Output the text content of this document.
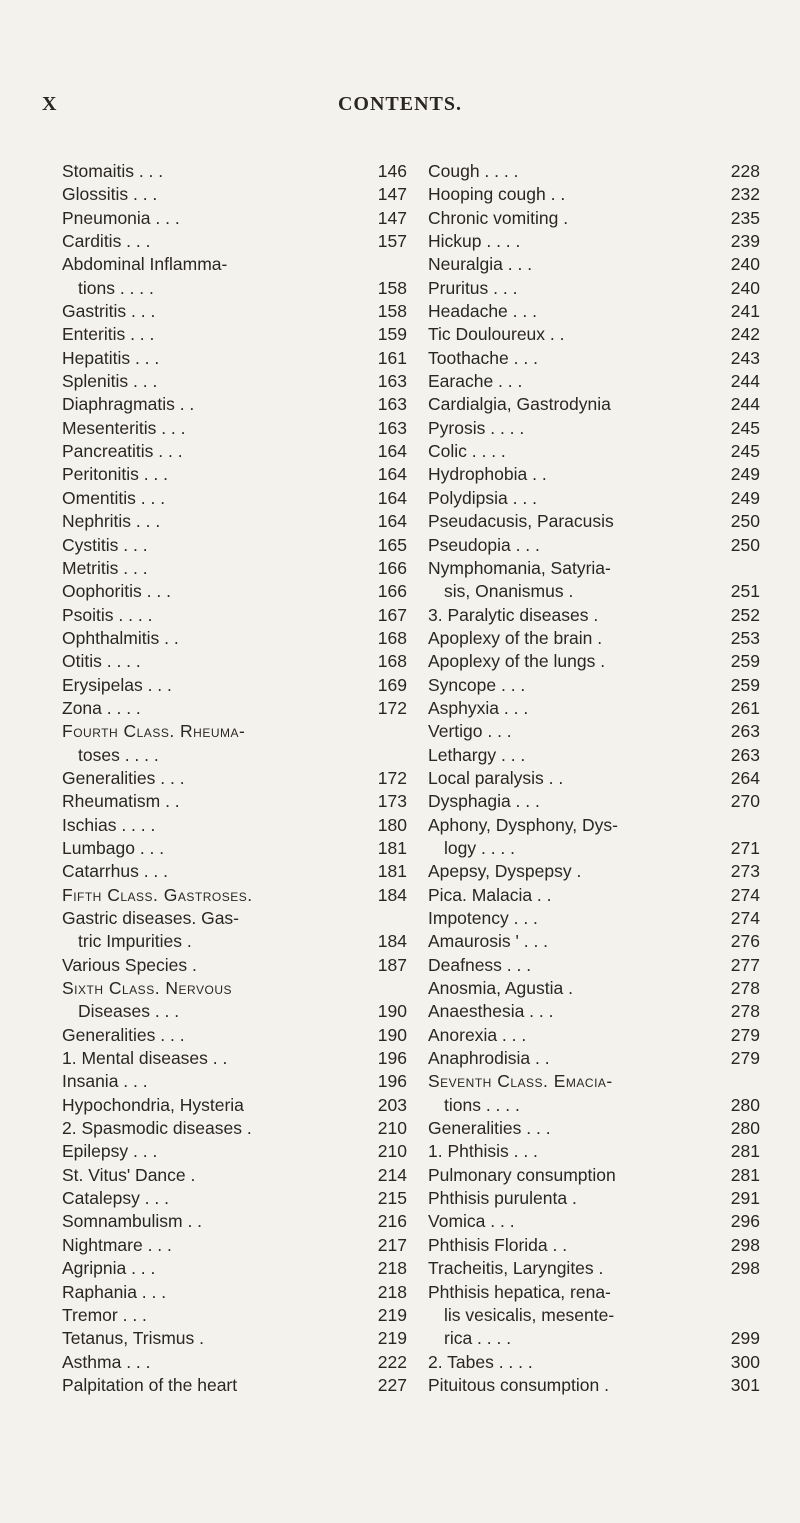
X	CONTENTS.
Stomaitis . . .	146
Glossitis . . .	147
Pneumonia . . .	147
Carditis . . .	157
Abdominal Inflamma-
tions . . . .	158
Gastritis . . .	158
Enteritis . . .	159
Hepatitis . . .	161
Splenitis . . .	163
Diaphragmatis . .	163
Mesenteritis . . .	163
Pancreatitis . . .	164
Peritonitis . . .	164
Omentitis . . .	164
Nephritis . . .	164
Cystitis . . .	165
Metritis . . .	166
Oophoritis . . .	166
Psoitis . . . .	167
Ophthalmitis . .	168
Otitis . . . .	168
Erysipelas . . .	169
Zona . . . .	172
Fourth Class. Rheuma-
toses . . . .
Generalities . . .	172
Rheumatism . .	173
Ischias . . . .	180
Lumbago . . .	181
Catarrhus . . .	181
Fifth Class. Gastroses.	184
Gastric diseases. Gas-
tric Impurities .	184
Various Species .	187
Sixth Class. Nervous
Diseases . . .	190
Generalities . . .	190
1. Mental diseases . .	196
Insania . . .	196
Hypochondria, Hysteria	203
2. Spasmodic diseases .	210
Epilepsy . . .	210
St. Vitus' Dance .	214
Catalepsy . . .	215
Somnambulism . .	216
Nightmare . . .	217
Agripnia . . .	218
Raphania . . .	218
Tremor . . .	219
Tetanus, Trismus .	219
Asthma . . .	222
Palpitation of the heart	227
Cough . . . .	228
Hooping cough . .	232
Chronic vomiting .	235
Hickup . . . .	239
Neuralgia . . .	240
Pruritus . . .	240
Headache . . .	241
Tic Douloureux . .	242
Toothache . . .	243
Earache . . .	244
Cardialgia, Gastrodynia	244
Pyrosis . . . .	245
Colic . . . .	245
Hydrophobia . .	249
Polydipsia . . .	249
Pseudacusis, Paracusis	250
Pseudopia . . .	250
Nymphomania, Satyria-
sis, Onanismus .	251
3. Paralytic diseases .	252
Apoplexy of the brain .	253
Apoplexy of the lungs .	259
Syncope . . .	259
Asphyxia . . .	261
Vertigo . . .	263
Lethargy . . .	263
Local paralysis . .	264
Dysphagia . . .	270
Aphony, Dysphony, Dys-
logy . . . .	271
Apepsy, Dyspepsy .	273
Pica. Malacia . .	274
Impotency . . .	274
Amaurosis ' . . .	276
Deafness . . .	277
Anosmia, Agustia .	278
Anaesthesia . . .	278
Anorexia . . .	279
Anaphrodisia . .	279
Seventh Class. Emacia-
tions . . . .	280
Generalities . . .	280
1. Phthisis . . .	281
Pulmonary consumption	281
Phthisis purulenta .	291
Vomica . . .	296
Phthisis Florida . .	298
Tracheitis, Laryngites .	298
Phthisis hepatica, rena-
lis vesicalis, mesente-
rica . . . .	299
2. Tabes . . . .	300
Pituitous consumption .	301
